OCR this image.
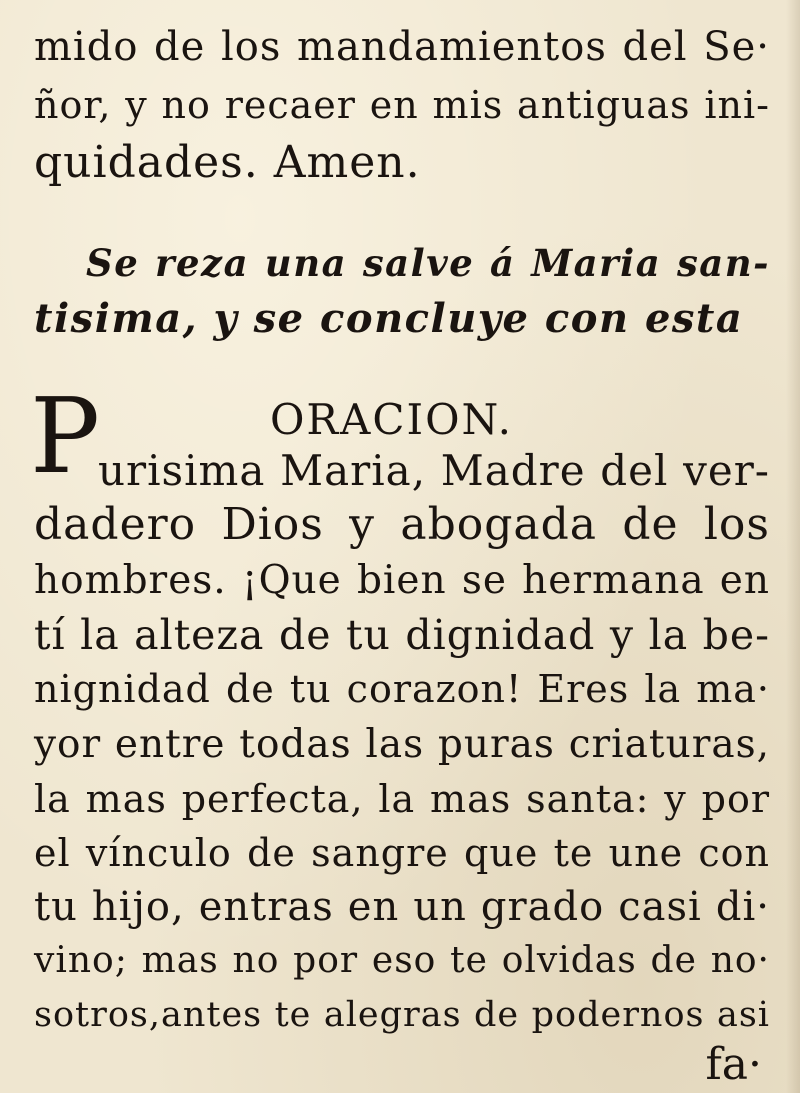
mido de los mandamientos del Se·
ñor, y no recaer en mis antiguas ini-
quidades. Amen.
Se reza una salve á Maria san-
tisima, y se concluye con esta
P	ORACION.
urisima Maria, Madre del ver-
dadero Dios y abogada de los
hombres. ¡Que bien se hermana en
tí la alteza de tu dignidad y la be-
nignidad de tu corazon! Eres la ma·
yor entre todas las puras criaturas,
la mas perfecta, la mas santa: y por
el vínculo de sangre que te une con
tu hijo, entras en un grado casi di·
vino; mas no por eso te olvidas de no·
sotros,antes te alegras de podernos asi
fa·
